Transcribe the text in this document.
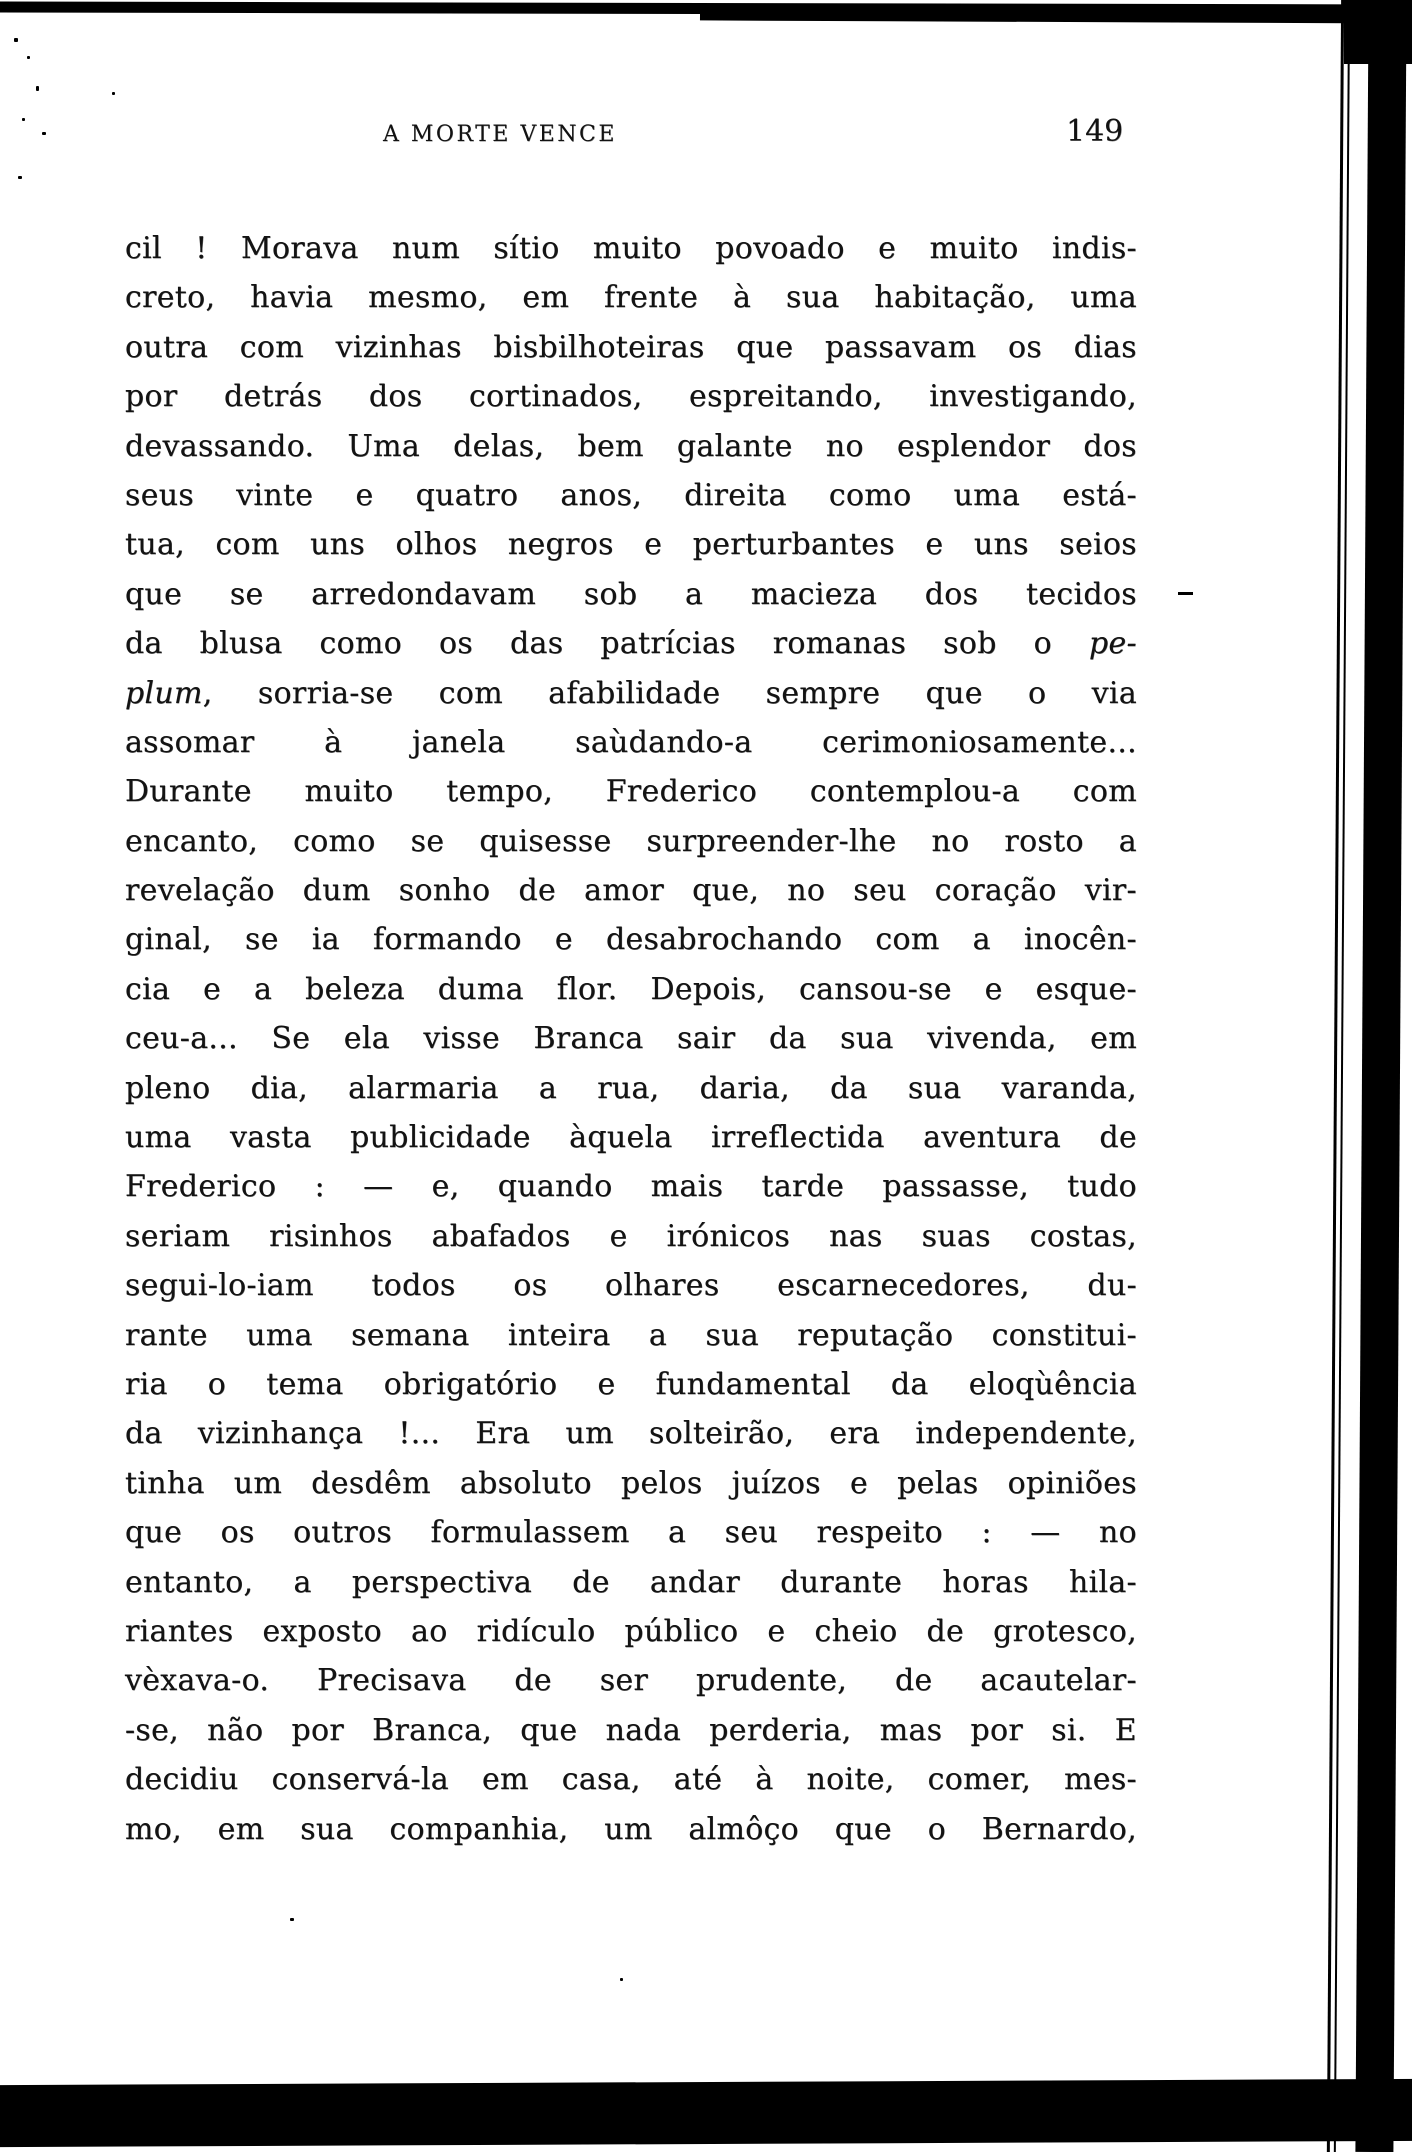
A MORTE VENCE	149
cil ! Morava num sítio muito povoado e muito indis-
creto, havia mesmo, em frente à sua habitação, uma
outra com vizinhas bisbilhoteiras que passavam os dias
por detrás dos cortinados, espreitando, investigando,
devassando. Uma delas, bem galante no esplendor dos
seus vinte e quatro anos, direita como uma está-
tua, com uns olhos negros e perturbantes e uns seios
que se arredondavam sob a macieza dos tecidos
da blusa como os das patrícias romanas sob o pe-
plum, sorria-se com afabilidade sempre que o via
assomar à janela saùdando-a cerimoniosamente...
Durante muito tempo, Frederico contemplou-a com
encanto, como se quisesse surpreender-lhe no rosto a
revelação dum sonho de amor que, no seu coração vir-
ginal, se ia formando e desabrochando com a inocên-
cia e a beleza duma flor. Depois, cansou-se e esque-
ceu-a... Se ela visse Branca sair da sua vivenda, em
pleno dia, alarmaria a rua, daria, da sua varanda,
uma vasta publicidade àquela irreflectida aventura de
Frederico : — e, quando mais tarde passasse, tudo
seriam risinhos abafados e irónicos nas suas costas,
segui-lo-iam todos os olhares escarnecedores, du-
rante uma semana inteira a sua reputação constitui-
ria o tema obrigatório e fundamental da eloqùência
da vizinhança !... Era um solteirão, era independente,
tinha um desdêm absoluto pelos juízos e pelas opiniões
que os outros formulassem a seu respeito : — no
entanto, a perspectiva de andar durante horas hila-
riantes exposto ao ridículo público e cheio de grotesco,
vèxava-o. Precisava de ser prudente, de acautelar-
-se, não por Branca, que nada perderia, mas por si. E
decidiu conservá-la em casa, até à noite, comer, mes-
mo, em sua companhia, um almôço que o Bernardo,
